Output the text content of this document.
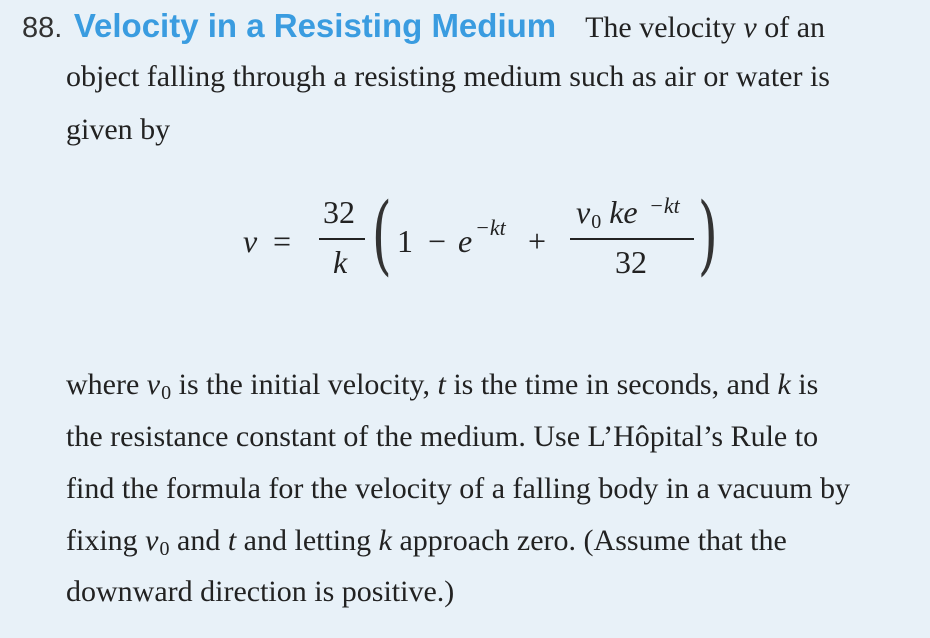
88. Velocity in a Resisting Medium The velocity v of an
object falling through a resisting medium such as air or water is
given by
v =
32
k ( 1 − e −kt +
$v_0$ ke −kt
32 )
where $v_0$ is the initial velocity, t is the time in seconds, and k is
the resistance constant of the medium. Use L’Hôpital’s Rule to
find the formula for the velocity of a falling body in a vacuum by
fixing $v_0$ and t and letting k approach zero. (Assume that the
downward direction is positive.)
